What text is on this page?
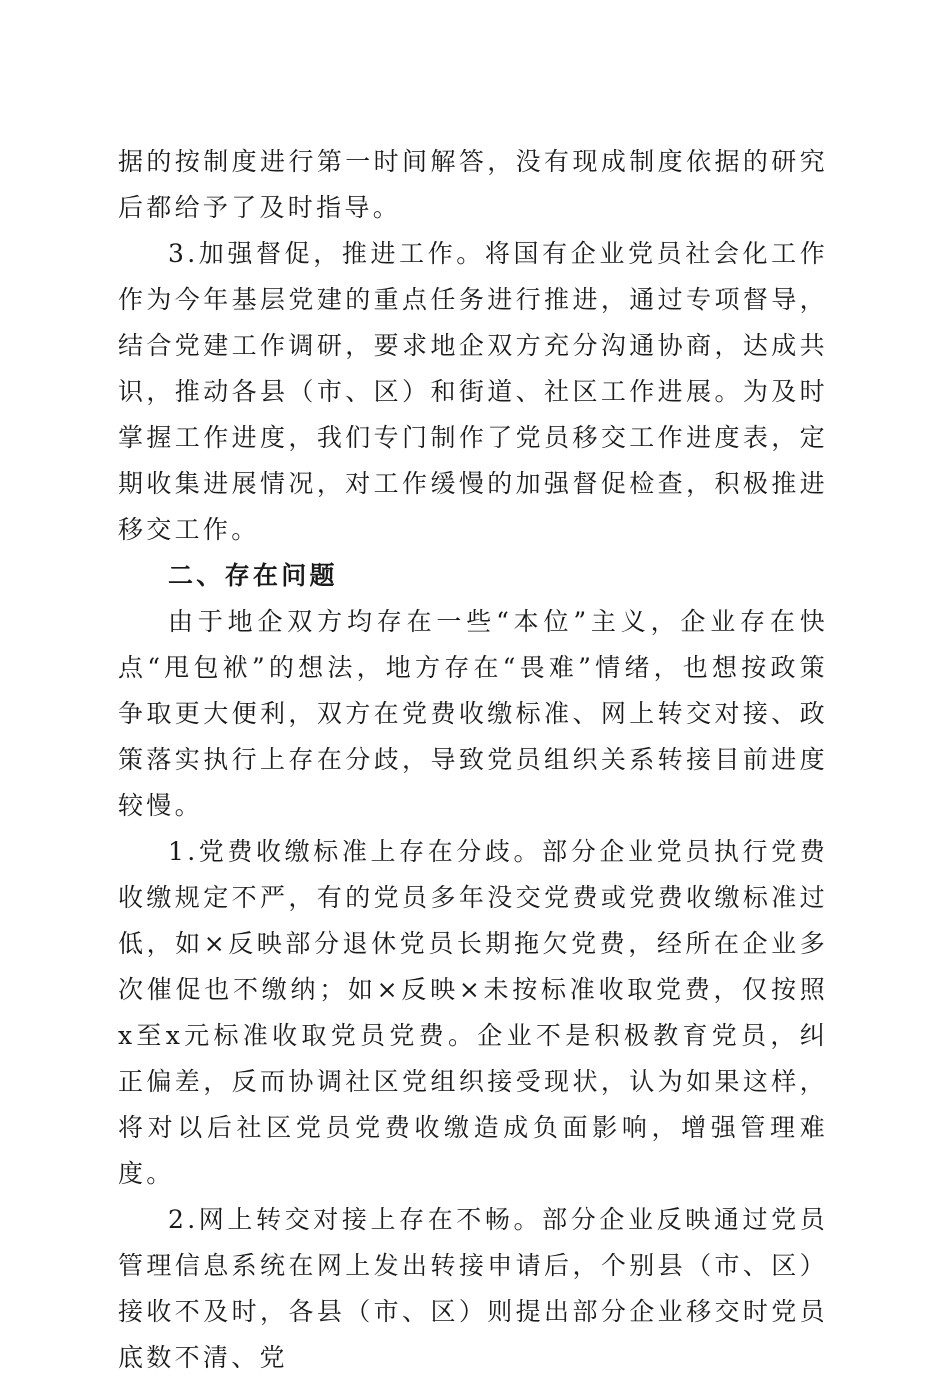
据的按制度进行第一时间解答，没有现成制度依据的研究后都给予了及时指导。

3.加强督促，推进工作。将国有企业党员社会化工作作为今年基层党建的重点任务进行推进，通过专项督导，结合党建工作调研，要求地企双方充分沟通协商，达成共识，推动各县（市、区）和街道、社区工作进展。为及时掌握工作进度，我们专门制作了党员移交工作进度表，定期收集进展情况，对工作缓慢的加强督促检查，积极推进移交工作。

二、存在问题

由于地企双方均存在一些“本位”主义，企业存在快点“甩包袱”的想法，地方存在“畏难”情绪，也想按政策争取更大便利，双方在党费收缴标准、网上转交对接、政策落实执行上存在分歧，导致党员组织关系转接目前进度较慢。

1.党费收缴标准上存在分歧。部分企业党员执行党费收缴规定不严，有的党员多年没交党费或党费收缴标准过低，如×反映部分退休党员长期拖欠党费，经所在企业多次催促也不缴纳；如×反映×未按标准收取党费，仅按照x至x元标准收取党员党费。企业不是积极教育党员，纠正偏差，反而协调社区党组织接受现状，认为如果这样，将对以后社区党员党费收缴造成负面影响，增强管理难度。

2.网上转交对接上存在不畅。部分企业反映通过党员管理信息系统在网上发出转接申请后，个别县（市、区）接收不及时，各县（市、区）则提出部分企业移交时党员底数不清、党
